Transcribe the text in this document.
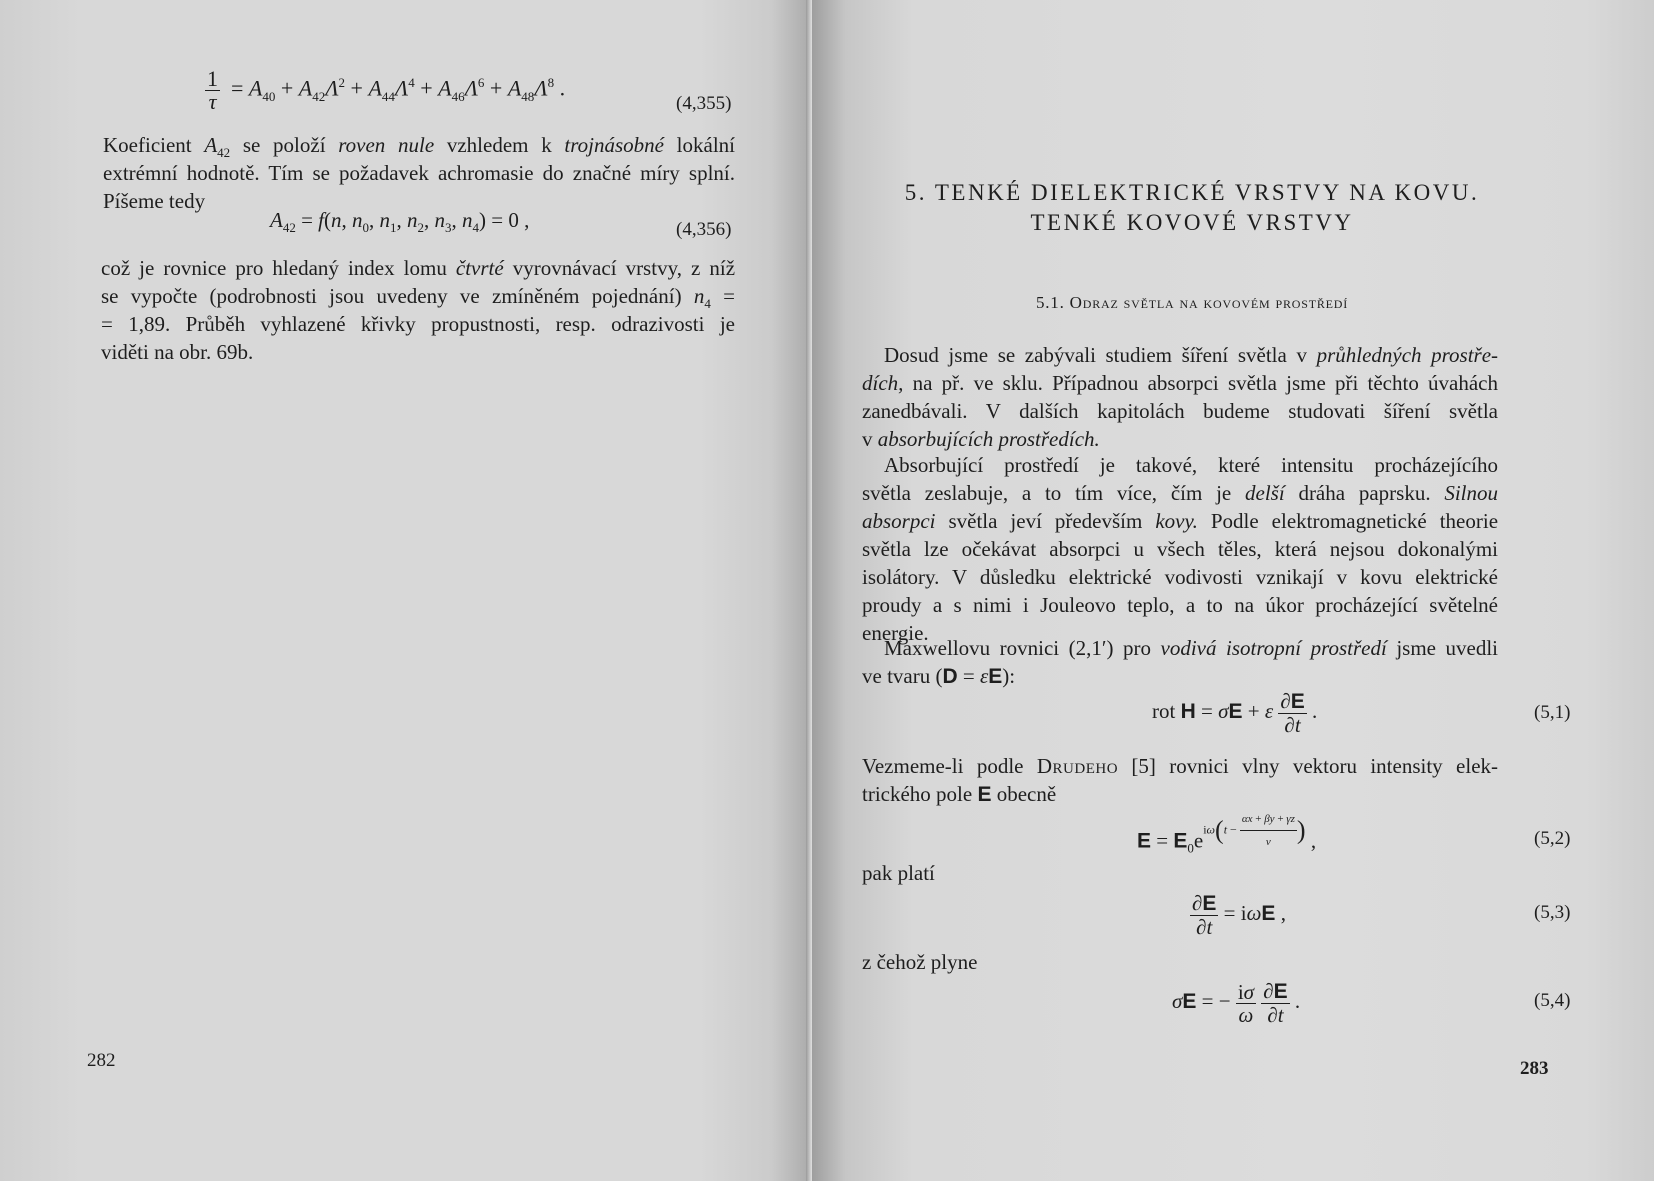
$\frac{1}{\tau} = A_{40} + A_{42}\Lambda^2 + A_{44}\Lambda^4 + A_{46}\Lambda^6 + A_{48}\Lambda^8$ .
(4,355)
Koeficient $A_{42}$ se položí roven nule vzhledem k trojnásobné lokální
extrémní hodnotě. Tím se požadavek achromasie do značné míry splní.
Píšeme tedy
$A_{42} = f(n$, $n_0$, $n_1$, $n_2$, $n_3$, $n_4) = 0$ ,	(4,356)
což je rovnice pro hledaný index lomu čtvrté vyrovnávací vrstvy, z níž
se vypočte (podrobnosti jsou uvedeny ve zmíněném pojednání) $n_4$ =
= 1,89. Průběh vyhlazené křivky propustnosti, resp. odrazivosti je
viděti na obr. 69b.
282
5. TENKÉ DIELEKTRICKÉ VRSTVY NA KOVU.
TENKÉ KOVOVÉ VRSTVY
5.1. Odraz světla na kovovém prostředí
Dosud jsme se zabývali studiem šíření světla v průhledných prostře-
dích, na př. ve sklu. Případnou absorpci světla jsme při těchto úvahách
zanedbávali. V dalších kapitolách budeme studovati šíření světla
v absorbujících prostředích.
Absorbující prostředí je takové, které intensitu procházejícího
světla zeslabuje, a to tím více, čím je delší dráha paprsku. Silnou
absorpci světla jeví především kovy. Podle elektromagnetické theorie
světla lze očekávat absorpci u všech těles, která nejsou dokonalými
isolátory. V důsledku elektrické vodivosti vznikají v kovu elektrické
proudy a s nimi i Jouleovo teplo, a to na úkor procházející světelné
energie.
Maxwellovu rovnici (2,1′) pro vodivá isotropní prostředí jsme uvedli
ve tvaru (D = εE):
rot H = σE + ε $\frac{\partial E}{\partial t}$ .	(5,1)
Vezmeme-li podle Drudeho [5] rovnici vlny vektoru intensity elek-
trického pole E obecně
$E = E_0ei\omega(t - \frac{\alpha x + \beta y + \gamma z}{v}$ ) ,	(5,2)
pak platí
$\frac{\partial E}{\partial t} = i\omega E$ ,	(5,3)
z čehož plyne
σE = − $\frac{i\sigma}{\omega}$
$\frac{\partial E}{\partial t}$ .	(5,4)
283
